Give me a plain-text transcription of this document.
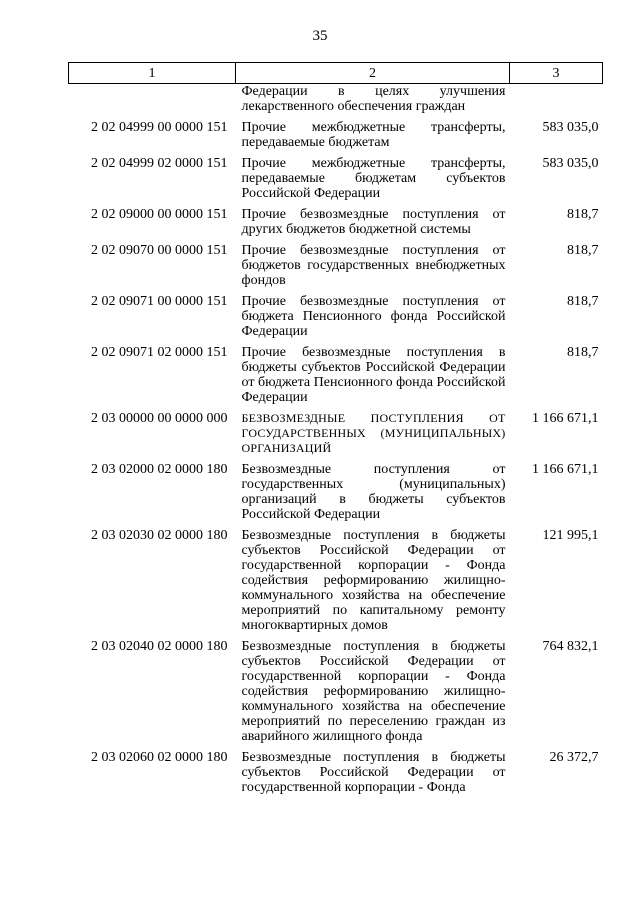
35
1	2	3
	Федерации в целях улучшения лекарственного обеспечения граждан	
2 02 04999 00 0000 151	Прочие межбюджетные трансферты, передаваемые бюджетам	583 035,0
2 02 04999 02 0000 151	Прочие межбюджетные трансферты, передаваемые бюджетам субъектов Российской Федерации	583 035,0
2 02 09000 00 0000 151	Прочие безвозмездные поступления от других бюджетов бюджетной системы	818,7
2 02 09070 00 0000 151	Прочие безвозмездные поступления от бюджетов государственных внебюджетных фондов	818,7
2 02 09071 00 0000 151	Прочие безвозмездные поступления от бюджета Пенсионного фонда Российской Федерации	818,7
2 02 09071 02 0000 151	Прочие безвозмездные поступления в бюджеты субъектов Российской Федерации от бюджета Пенсионного фонда Российской Федерации	818,7
2 03 00000 00 0000 000	БЕЗВОЗМЕЗДНЫЕ ПОСТУПЛЕНИЯ ОТ ГОСУДАРСТВЕННЫХ (МУНИЦИПАЛЬНЫХ) ОРГАНИЗАЦИЙ	1 166 671,1
2 03 02000 02 0000 180	Безвозмездные поступления от государственных (муниципальных) организаций в бюджеты субъектов Российской Федерации	1 166 671,1
2 03 02030 02 0000 180	Безвозмездные поступления в бюджеты субъектов Российской Федерации от государственной корпорации - Фонда содействия реформированию жилищно-коммунального хозяйства на обеспечение мероприятий по капитальному ремонту многоквартирных домов	121 995,1
2 03 02040 02 0000 180	Безвозмездные поступления в бюджеты субъектов Российской Федерации от государственной корпорации - Фонда содействия реформированию жилищно-коммунального хозяйства на обеспечение мероприятий по переселению граждан из аварийного жилищного фонда	764 832,1
2 03 02060 02 0000 180	Безвозмездные поступления в бюджеты субъектов Российской Федерации от государственной корпорации - Фонда	26 372,7
